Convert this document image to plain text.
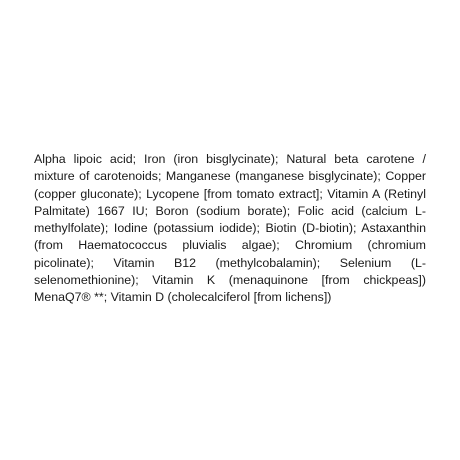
Alpha lipoic acid; Iron (iron bisglycinate); Natural beta carotene / mixture of carotenoids; Manganese (manganese bisglycinate); Copper (copper gluconate); Lycopene [from tomato extract]; Vitamin A (Retinyl Palmitate) 1667 IU; Boron (sodium borate); Folic acid (calcium L-methylfolate); Iodine (potassium iodide); Biotin (D-biotin); Astaxanthin (from Haematococcus pluvialis algae); Chromium (chromium picolinate); Vitamin B12 (methylcobalamin); Selenium (L-selenomethionine); Vitamin K (menaquinone [from chickpeas]) MenaQ7® **; Vitamin D (cholecalciferol [from lichens])
